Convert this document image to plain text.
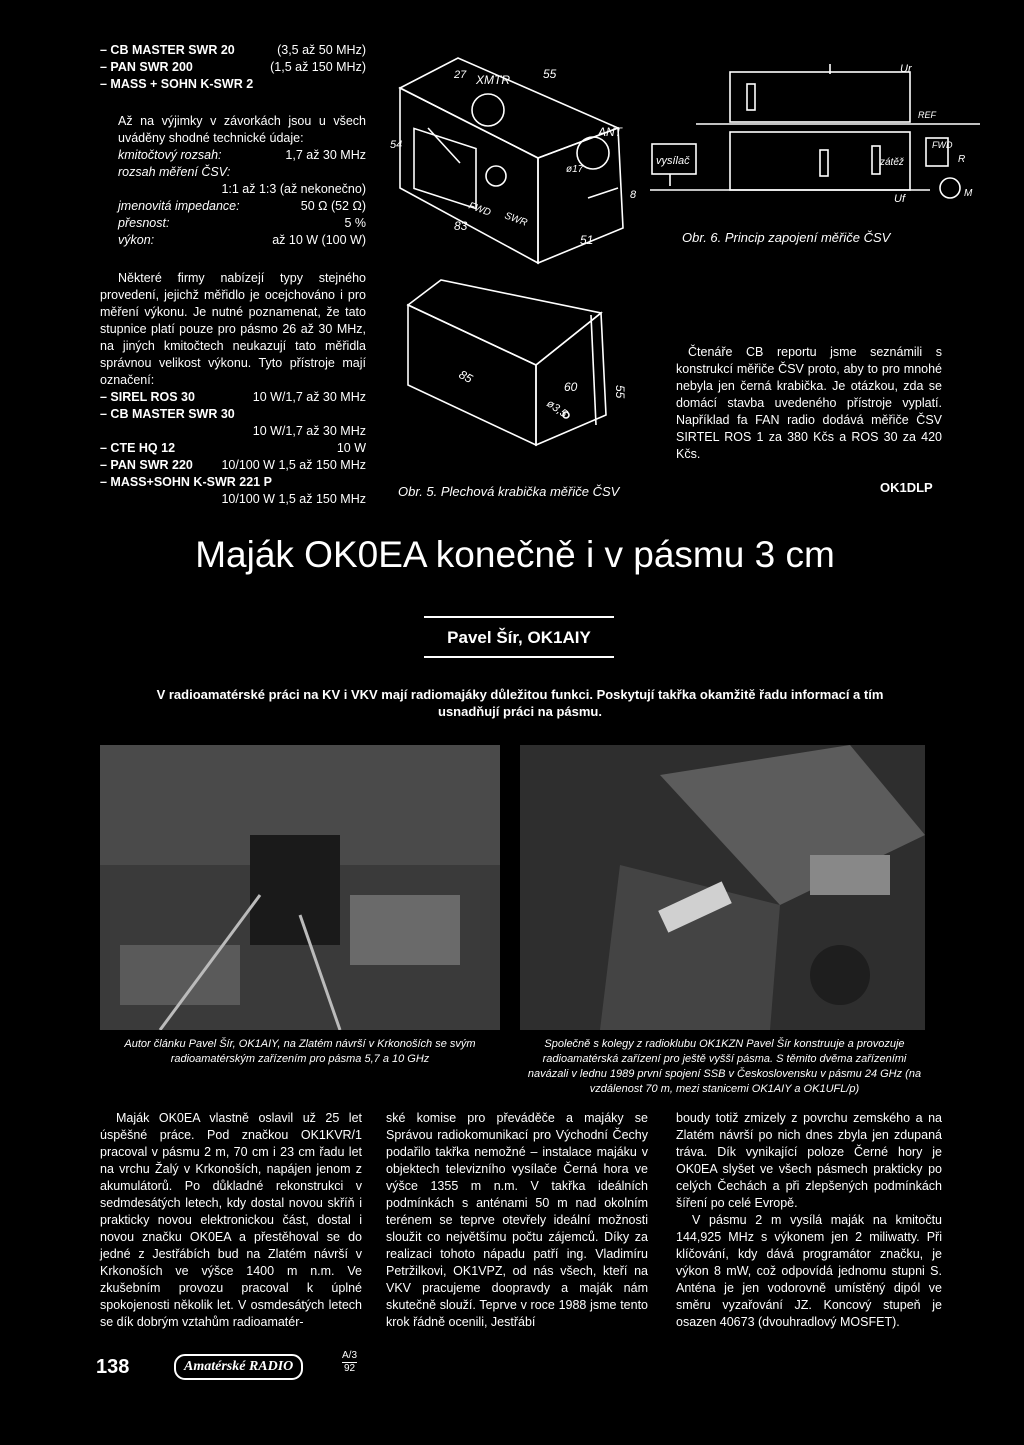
– CB MASTER SWR 20	(3,5 až 50 MHz)
– PAN SWR 200	(1,5 až 150 MHz)
– MASS + SOHN K-SWR 2
Až na výjimky v závorkách jsou u všech uváděny shodné technické údaje:
kmitočtový rozsah:	1,7 až 30 MHz
rozsah měření ČSV:
1:1 až 1:3 (až nekonečno)
jmenovitá impedance:	50 Ω (52 Ω)
přesnost:	5 %
výkon:	až 10 W (100 W)
Některé firmy nabízejí typy stejného provedení, jejichž měřidlo je ocejchováno i pro měření výkonu. Je nutné poznamenat, že tato stupnice platí pouze pro pásmo 26 až 30 MHz, na jiných kmitočtech neukazují tato měřidla správnou velikost výkonu. Tyto přístroje mají označení:
– SIREL ROS 30	10 W/1,7 až 30 MHz
– CB MASTER SWR 30
10 W/1,7 až 30 MHz
– CTE HQ 12	10 W
– PAN SWR 220 10/100 W 1,5 až 150 MHz
– MASS+SOHN K-SWR 221 P
10/100 W 1,5 až 150 MHz
XMTR
ANT
FWD
SWR
55
27
54
83
51
ø17
8
vysílač	zátěž
Ur
Uf
REF
FWD
R
M
Obr. 6. Princip zapojení měřiče ČSV
85
60	55
ø3,5
Obr. 5. Plechová krabička měřiče ČSV
Čtenáře CB reportu jsme seznámili s konstrukcí měřiče ČSV proto, aby to pro mnohé nebyla jen černá krabička. Je otázkou, zda se domácí stavba uvedeného přístroje vyplatí. Například fa FAN radio dodává měřiče ČSV SIRTEL ROS 1 za 380 Kčs a ROS 30 za 420 Kčs.
OK1DLP
Maják OK0EA konečně i v pásmu 3 cm
Pavel Šír, OK1AIY
V radioamatérské práci na KV i VKV mají radiomajáky důležitou funkci. Poskytují takřka okamžitě řadu informací a tím usnadňují práci na pásmu.
Autor článku Pavel Šír, OK1AIY, na Zlatém návrší v Krkonoších se svým radioamatérským zařízením pro pásma 5,7 a 10 GHz
Společně s kolegy z radioklubu OK1KZN Pavel Šír konstruuje a provozuje radioamatérská zařízení pro ještě vyšší pásma. S těmito dvěma zařízeními navázali v lednu 1989 první spojení SSB v Československu v pásmu 24 GHz (na vzdálenost 70 m, mezi stanicemi OK1AIY a OK1UFL/p)
Maják OK0EA vlastně oslavil už 25 let úspěšné práce. Pod značkou OK1KVR/1 pracoval v pásmu 2 m, 70 cm i 23 cm řadu let na vrchu Žalý v Krkonoších, napájen jenom z akumulátorů. Po důkladné rekonstrukci v sedmdesátých letech, kdy dostal novou skříň i prakticky novou elektronickou část, dostal i novou značku OK0EA a přestěhoval se do jedné z Jestřábích bud na Zlatém návrší v Krkonoších ve výšce 1400 m n.m. Ve zkušebním provozu pracoval k úplné spokojenosti několik let. V osmdesátých letech se dík dobrým vztahům radioamatér-
ské komise pro převáděče a majáky se Správou radiokomunikací pro Východní Čechy podařilo takřka nemožné – instalace majáku v objektech televizního vysílače Černá hora ve výšce 1355 m n.m. V takřka ideálních podmínkách s anténami 50 m nad okolním terénem se teprve otevřely ideální možnosti sloužit co největšímu počtu zájemců. Díky za realizaci tohoto nápadu patří ing. Vladimíru Petržilkovi, OK1VPZ, od nás všech, kteří na VKV pracujeme doopravdy a maják nám skutečně slouží. Teprve v roce 1988 jsme tento krok řádně ocenili, Jestřábí
boudy totiž zmizely z povrchu zemského a na Zlatém návrší po nich dnes zbyla jen zdupaná tráva. Dík vynikající poloze Černé hory je OK0EA slyšet ve všech pásmech prakticky po celých Čechách a při zlepšených podmínkách šíření po celé Evropě.
V pásmu 2 m vysílá maják na kmitočtu 144,925 MHz s výkonem jen 2 miliwatty. Při klíčování, kdy dává programátor značku, je výkon 8 mW, což odpovídá jednomu stupni S. Anténa je jen vodorovně umístěný dipól ve směru vyzařování JZ. Koncový stupeň je osazen 40673 (dvouhradlový MOSFET).
138	Amatérské RADIO
A/3
92
